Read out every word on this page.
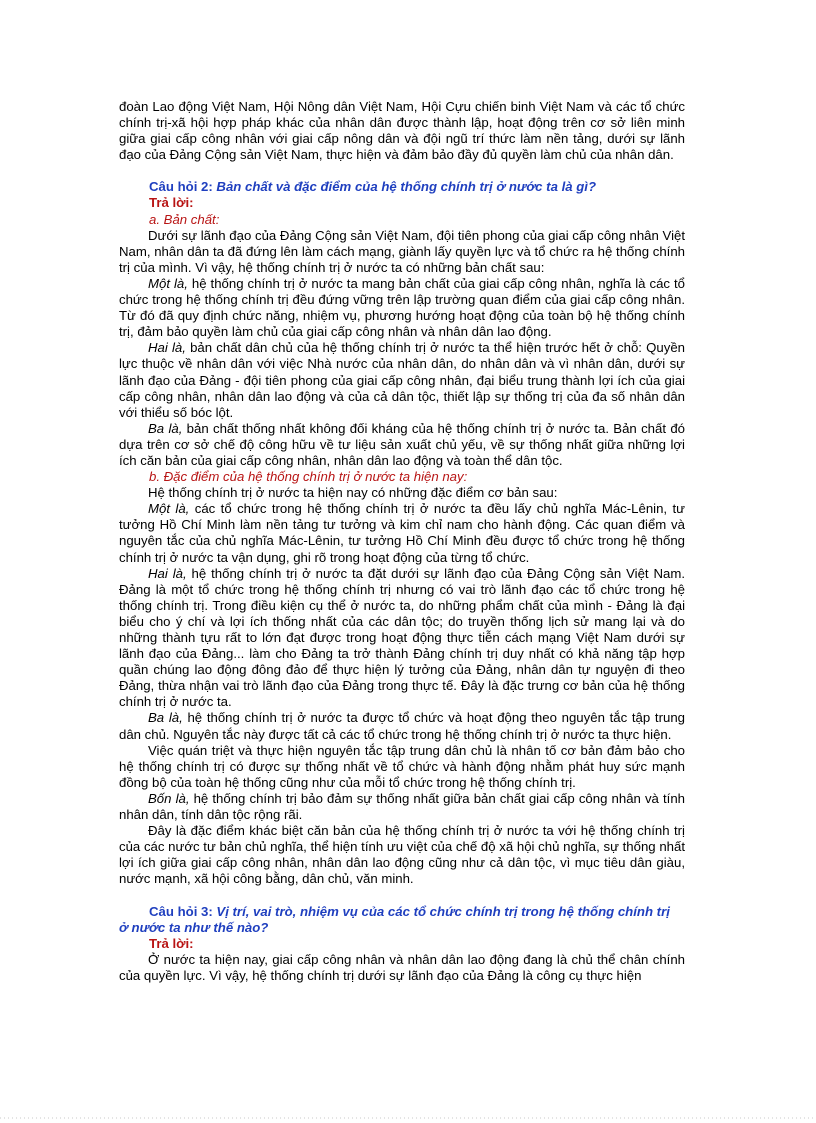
đoàn Lao động Việt Nam, Hội Nông dân Việt Nam, Hội Cựu chiến binh Việt Nam và các tổ chức chính trị-xã hội hợp pháp khác của nhân dân được thành lập, hoạt động trên cơ sở liên minh giữa giai cấp công nhân với giai cấp nông dân và đội ngũ trí thức làm nền tảng, dưới sự lãnh đạo của Đảng Cộng sản Việt Nam, thực hiện và đảm bảo đầy đủ quyền làm chủ của nhân dân.

Câu hỏi 2: Bản chất và đặc điểm của hệ thống chính trị ở nước ta là gì?

Trả lời:

a. Bản chất:

Dưới sự lãnh đạo của Đảng Cộng sản Việt Nam, đội tiên phong của giai cấp công nhân Việt Nam, nhân dân ta đã đứng lên làm cách mạng, giành lấy quyền lực và tổ chức ra hệ thống chính trị của mình. Vì vậy, hệ thống chính trị ở nước ta có những bản chất sau:

Một là, hệ thống chính trị ở nước ta mang bản chất của giai cấp công nhân, nghĩa là các tổ chức trong hệ thống chính trị đều đứng vững trên lập trường quan điểm của giai cấp công nhân. Từ đó đã quy định chức năng, nhiệm vụ, phương hướng hoạt động của toàn bộ hệ thống chính trị, đảm bảo quyền làm chủ của giai cấp công nhân và nhân dân lao động.

Hai là, bản chất dân chủ của hệ thống chính trị ở nước ta thể hiện trước hết ở chỗ: Quyền lực thuộc về nhân dân với việc Nhà nước của nhân dân, do nhân dân và vì nhân dân, dưới sự lãnh đạo của Đảng - đội tiên phong của giai cấp công nhân, đại biểu trung thành lợi ích của giai cấp công nhân, nhân dân lao động và của cả dân tộc, thiết lập sự thống trị của đa số nhân dân với thiểu số bóc lột.

Ba là, bản chất thống nhất không đối kháng của hệ thống chính trị ở nước ta. Bản chất đó dựa trên cơ sở chế độ công hữu về tư liệu sản xuất chủ yếu, về sự thống nhất giữa những lợi ích căn bản của giai cấp công nhân, nhân dân lao động và toàn thể dân tộc.

b. Đặc điểm của hệ thống chính trị ở nước ta hiện nay:

Hệ thống chính trị ở nước ta hiện nay có những đặc điểm cơ bản sau:

Một là, các tổ chức trong hệ thống chính trị ở nước ta đều lấy chủ nghĩa Mác-Lênin, tư tưởng Hồ Chí Minh làm nền tảng tư tưởng và kim chỉ nam cho hành động. Các quan điểm và nguyên tắc của chủ nghĩa Mác-Lênin, tư tưởng Hồ Chí Minh đều được tổ chức trong hệ thống chính trị ở nước ta vận dụng, ghi rõ trong hoạt động của từng tổ chức.

Hai là, hệ thống chính trị ở nước ta đặt dưới sự lãnh đạo của Đảng Cộng sản Việt Nam. Đảng là một tổ chức trong hệ thống chính trị nhưng có vai trò lãnh đạo các tổ chức trong hệ thống chính trị. Trong điều kiện cụ thể ở nước ta, do những phẩm chất của mình - Đảng là đại biểu cho ý chí và lợi ích thống nhất của các dân tộc; do truyền thống lịch sử mang lại và do những thành tựu rất to lớn đạt được trong hoạt động thực tiễn cách mạng Việt Nam dưới sự lãnh đạo của Đảng... làm cho Đảng ta trở thành Đảng chính trị duy nhất có khả năng tập hợp quần chúng lao động đông đảo để thực hiện lý tưởng của Đảng, nhân dân tự nguyện đi theo Đảng, thừa nhận vai trò lãnh đạo của Đảng trong thực tế. Đây là đặc trưng cơ bản của hệ thống chính trị ở nước ta.

Ba là, hệ thống chính trị ở nước ta được tổ chức và hoạt động theo nguyên tắc tập trung dân chủ. Nguyên tắc này được tất cả các tổ chức trong hệ thống chính trị ở nước ta thực hiện.

Việc quán triệt và thực hiện nguyên tắc tập trung dân chủ là nhân tố cơ bản đảm bảo cho hệ thống chính trị có được sự thống nhất về tổ chức và hành động nhằm phát huy sức mạnh đồng bộ của toàn hệ thống cũng như của mỗi tổ chức trong hệ thống chính trị.

Bốn là, hệ thống chính trị bảo đảm sự thống nhất giữa bản chất giai cấp công nhân và tính nhân dân, tính dân tộc rộng rãi.

Đây là đặc điểm khác biệt căn bản của hệ thống chính trị ở nước ta với hệ thống chính trị của các nước tư bản chủ nghĩa, thể hiện tính ưu việt của chế độ xã hội chủ nghĩa, sự thống nhất lợi ích giữa giai cấp công nhân, nhân dân lao động cũng như cả dân tộc, vì mục tiêu dân giàu, nước mạnh, xã hội công bằng, dân chủ, văn minh.

Câu hỏi 3: Vị trí, vai trò, nhiệm vụ của các tổ chức chính trị trong hệ thống chính trị

ở nước ta như thế nào?

Trả lời:

Ở nước ta hiện nay, giai cấp công nhân và nhân dân lao động đang là chủ thể chân chính của quyền lực. Vì vậy, hệ thống chính trị dưới sự lãnh đạo của Đảng là công cụ thực hiện
